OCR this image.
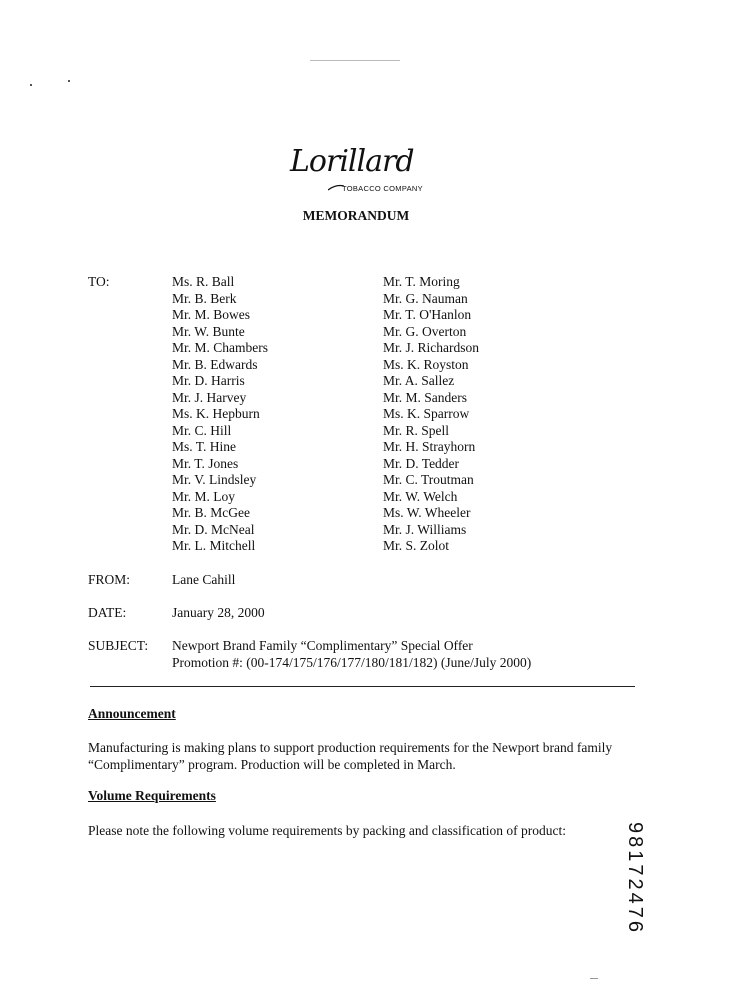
Lorillard
TOBACCO COMPANY
MEMORANDUM
TO:	Ms. R. Ball
Mr. B. Berk
Mr. M. Bowes
Mr. W. Bunte
Mr. M. Chambers
Mr. B. Edwards
Mr. D. Harris
Mr. J. Harvey
Ms. K. Hepburn
Mr. C. Hill
Ms. T. Hine
Mr. T. Jones
Mr. V. Lindsley
Mr. M. Loy
Mr. B. McGee
Mr. D. McNeal
Mr. L. Mitchell
Mr. T. Moring
Mr. G. Nauman
Mr. T. O'Hanlon
Mr. G. Overton
Mr. J. Richardson
Ms. K. Royston
Mr. A. Sallez
Mr. M. Sanders
Ms. K. Sparrow
Mr. R. Spell
Mr. H. Strayhorn
Mr. D. Tedder
Mr. C. Troutman
Mr. W. Welch
Ms. W. Wheeler
Mr. J. Williams
Mr. S. Zolot
FROM:	Lane Cahill
DATE:	January 28, 2000
SUBJECT: Newport Brand Family “Complimentary” Special Offer
Promotion #: (00-174/175/176/177/180/181/182) (June/July 2000)
Announcement
Manufacturing is making plans to support production requirements for the Newport brand family
“Complimentary” program. Production will be completed in March.
Volume Requirements
Please note the following volume requirements by packing and classification of product:	98172476
